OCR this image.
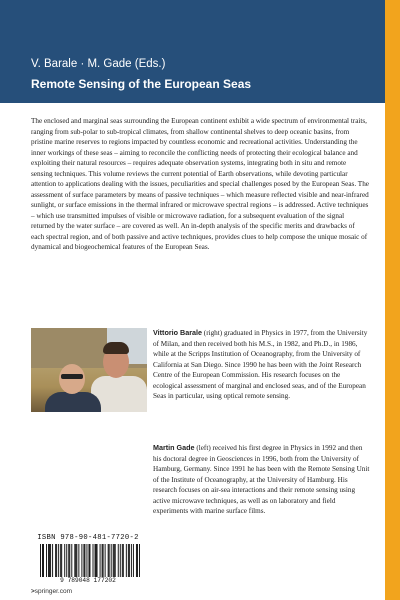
V. Barale · M. Gade (Eds.)
Remote Sensing of the European Seas

The enclosed and marginal seas surrounding the European continent exhibit a wide spectrum of environmental traits, ranging from sub-polar to sub-tropical climates, from shallow continental shelves to deep oceanic basins, from pristine marine reserves to regions impacted by countless economic and recreational activities. Understanding the inner workings of these seas – aiming to reconcile the conflicting needs of protecting their ecological balance and exploiting their natural resources – requires adequate observation systems, integrating both in situ and remote sensing techniques. This volume reviews the current potential of Earth observations, while devoting particular attention to applications dealing with the issues, peculiarities and special challenges posed by the European Seas. The assessment of surface parameters by means of passive techniques – which measure reflected visible and near-infrared sunlight, or surface emissions in the thermal infrared or microwave spectral regions – is addressed. Active techniques – which use transmitted impulses of visible or microwave radiation, for a subsequent evaluation of the signal returned by the water surface – are covered as well. An in-depth analysis of the specific merits and drawbacks of each spectral region, and of both passive and active techniques, provides clues to help compose the unique mosaic of dynamical and biogeochemical features of the European Seas.

Vittorio Barale (right) graduated in Physics in 1977, from the University of Milan, and then received both his M.S., in 1982, and Ph.D., in 1986, while at the Scripps Institution of Oceanography, from the University of California at San Diego. Since 1990 he has been with the Joint Research Centre of the European Commission. His research focuses on the ecological assessment of marginal and enclosed seas, and of the European Seas in particular, using optical remote sensing.

Martin Gade (left) received his first degree in Physics in 1992 and then his doctoral degree in Geosciences in 1996, both from the University of Hamburg, Germany. Since 1991 he has been with the Remote Sensing Unit of the Institute of Oceanography, at the University of Hamburg. His research focuses on air-sea interactions and their remote sensing using active microwave techniques, as well as on laboratory and field experiments with marine surface films.

ISBN 978-90-481-7720-2
9 789048 177202
>springer.com
